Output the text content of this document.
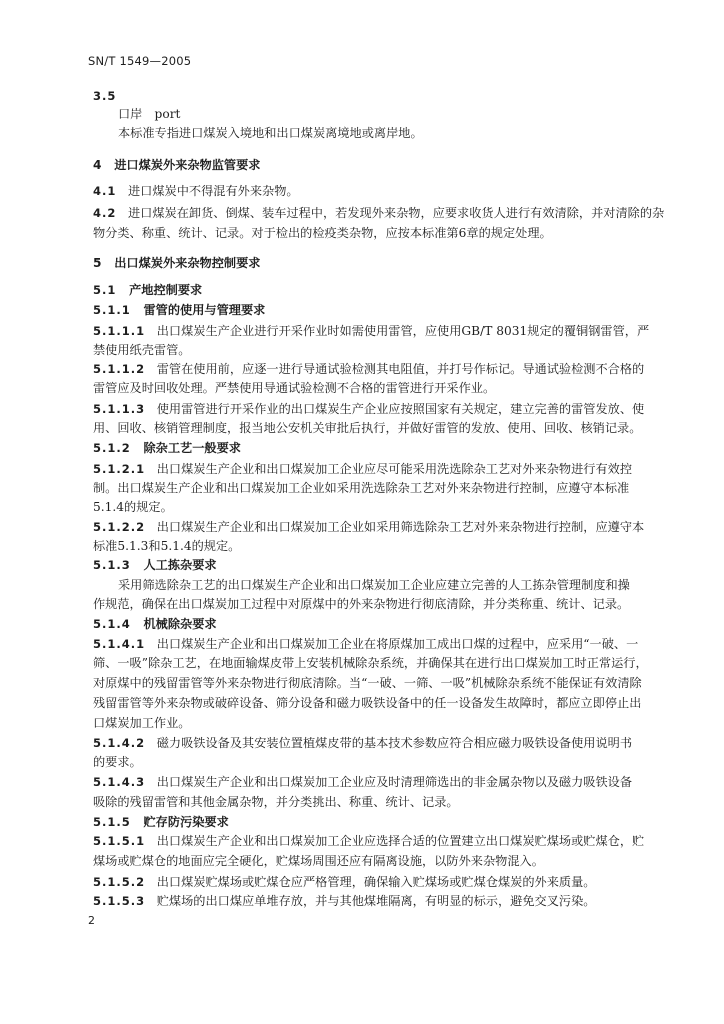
SN/T 1549—2005
3.5
口岸　port
本标准专指进口煤炭入境地和出口煤炭离境地或离岸地。
4 进口煤炭外来杂物监管要求
4.1 进口煤炭中不得混有外来杂物。
4.2 进口煤炭在卸货、倒煤、装车过程中，若发现外来杂物，应要求收货人进行有效清除，并对清除的杂
物分类、称重、统计、记录。对于检出的检疫类杂物，应按本标准第6章的规定处理。
5 出口煤炭外来杂物控制要求
5.1 产地控制要求
5.1.1 雷管的使用与管理要求
5.1.1.1 出口煤炭生产企业进行开采作业时如需使用雷管，应使用GB/T 8031规定的覆铜钢雷管，严
禁使用纸壳雷管。
5.1.1.2 雷管在使用前，应逐一进行导通试验检测其电阻值，并打号作标记。导通试验检测不合格的
雷管应及时回收处理。严禁使用导通试验检测不合格的雷管进行开采作业。
5.1.1.3 使用雷管进行开采作业的出口煤炭生产企业应按照国家有关规定，建立完善的雷管发放、使
用、回收、核销管理制度，报当地公安机关审批后执行，并做好雷管的发放、使用、回收、核销记录。
5.1.2 除杂工艺一般要求
5.1.2.1 出口煤炭生产企业和出口煤炭加工企业应尽可能采用洗选除杂工艺对外来杂物进行有效控
制。出口煤炭生产企业和出口煤炭加工企业如采用洗选除杂工艺对外来杂物进行控制，应遵守本标准
5.1.4的规定。
5.1.2.2 出口煤炭生产企业和出口煤炭加工企业如采用筛选除杂工艺对外来杂物进行控制，应遵守本
标准5.1.3和5.1.4的规定。
5.1.3 人工拣杂要求
采用筛选除杂工艺的出口煤炭生产企业和出口煤炭加工企业应建立完善的人工拣杂管理制度和操
作规范，确保在出口煤炭加工过程中对原煤中的外来杂物进行彻底清除，并分类称重、统计、记录。
5.1.4 机械除杂要求
5.1.4.1 出口煤炭生产企业和出口煤炭加工企业在将原煤加工成出口煤的过程中，应采用“一破、一
筛、一吸”除杂工艺，在地面输煤皮带上安装机械除杂系统，并确保其在进行出口煤炭加工时正常运行，
对原煤中的残留雷管等外来杂物进行彻底清除。当“一破、一筛、一吸”机械除杂系统不能保证有效清除
残留雷管等外来杂物或破碎设备、筛分设备和磁力吸铁设备中的任一设备发生故障时，都应立即停止出
口煤炭加工作业。
5.1.4.2 磁力吸铁设备及其安装位置植煤皮带的基本技术参数应符合相应磁力吸铁设备使用说明书
的要求。
5.1.4.3 出口煤炭生产企业和出口煤炭加工企业应及时清理筛选出的非金属杂物以及磁力吸铁设备
吸除的残留雷管和其他金属杂物，并分类挑出、称重、统计、记录。
5.1.5 贮存防污染要求
5.1.5.1 出口煤炭生产企业和出口煤炭加工企业应选择合适的位置建立出口煤炭贮煤场或贮煤仓，贮
煤场或贮煤仓的地面应完全硬化，贮煤场周围还应有隔离设施，以防外来杂物混入。
5.1.5.2 出口煤炭贮煤场或贮煤仓应严格管理，确保输入贮煤场或贮煤仓煤炭的外来质量。
5.1.5.3 贮煤场的出口煤应单堆存放，并与其他煤堆隔离，有明显的标示，避免交叉污染。
2
